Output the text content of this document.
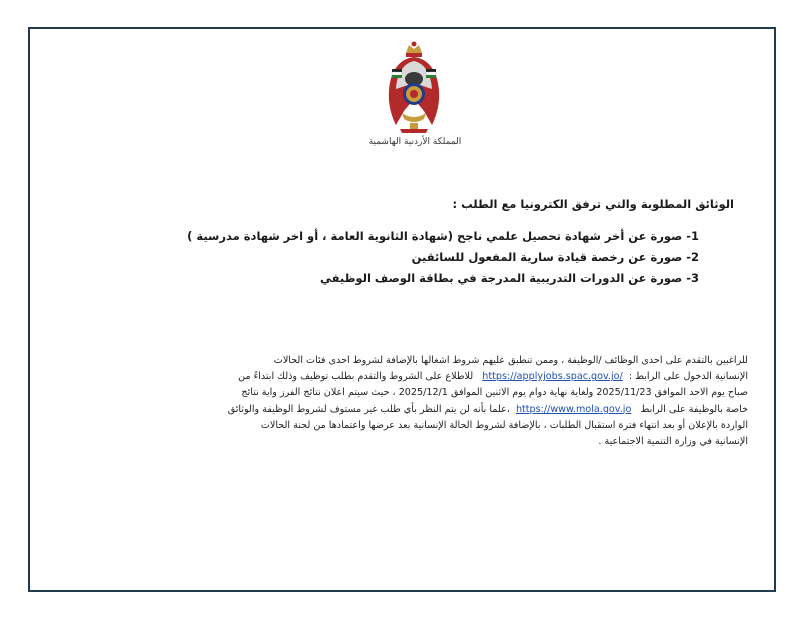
المملكة الأردنية الهاشمية
الوثائق المطلوبة والتي ترفق الكترونيا مع الطلب :
1- صورة عن أخر شهادة تحصيل علمي ناجح (شهادة الثانوية العامة ، أو اخر شهادة مدرسية )
2- صورة عن رخصة قيادة سارية المفعول للسائقين
3- صورة عن الدورات التدريبية المدرجة في بطاقة الوصف الوظيفي
للراغبين بالتقدم على احدى الوظائف /الوظيفة ، وممن تنطبق عليهم شروط اشغالها بالإضافة لشروط احدى فئات الحالات
الإنسانية الدخول على الرابط :  https://applyjobs.spac.gov.jo/   للاطلاع على الشروط والتقدم بطلب توظيف وذلك ابتداءً من
صباح يوم الاحد الموافق 2025/11/23 ولغاية نهاية دوام يوم الاثنين الموافق 2025/12/1 ، حيث سيتم اعلان نتائج الفرز واية نتائج
خاصة بالوظيفة على الرابط   https://www.mola.gov.jo  ،علما بأنه لن يتم النظر بأي طلب غير مستوف لشروط الوظيفة والوثائق
الواردة بالإعلان أو بعد انتهاء فترة استقبال الطلبات ، بالإضافة لشروط الحالة الإنسانية بعد عرضها واعتمادها من لجنة الحالات
الإنسانية في وزارة التنمية الاجتماعية .
